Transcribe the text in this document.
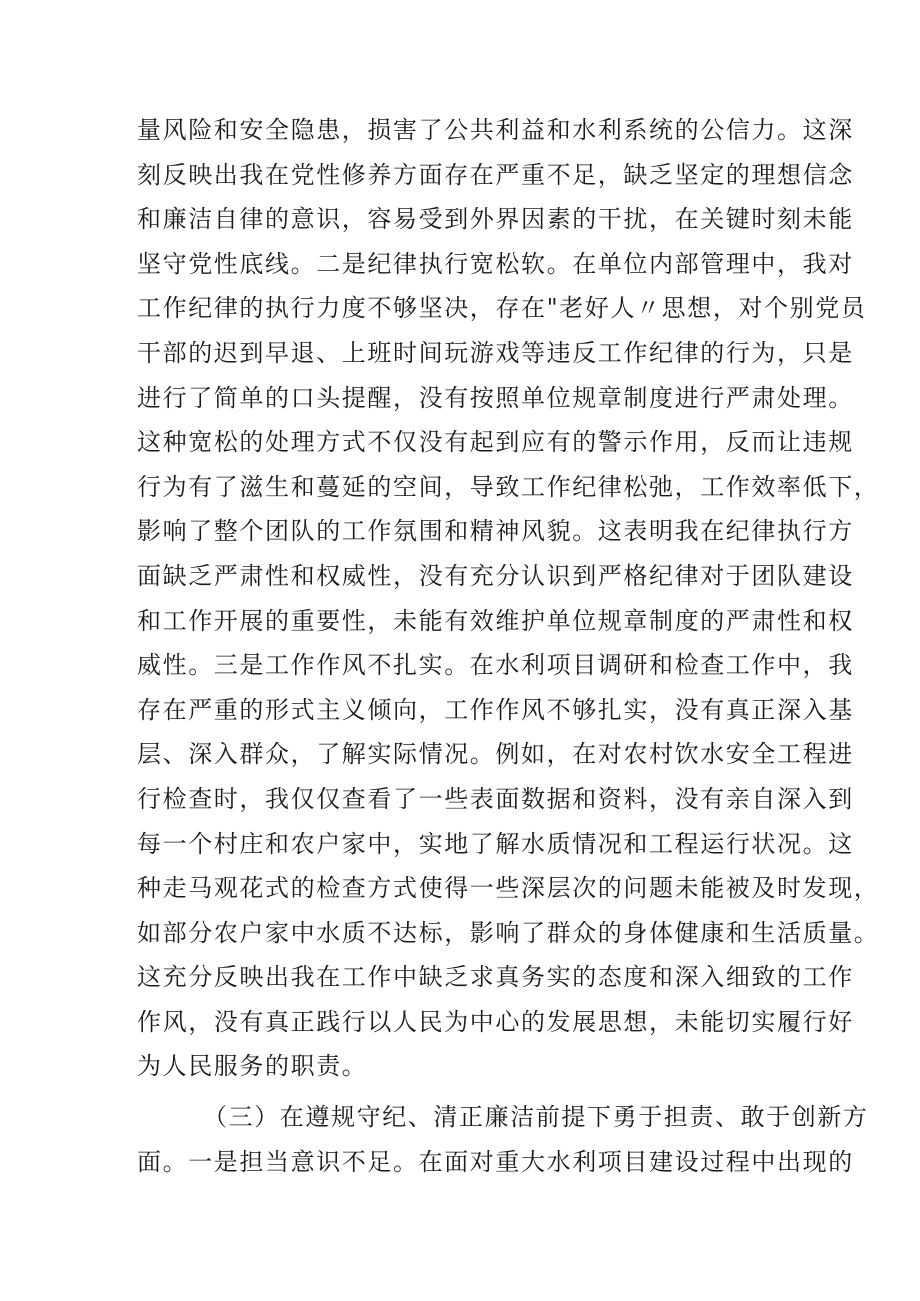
量风险和安全隐患，损害了公共利益和水利系统的公信力。这深
刻反映出我在党性修养方面存在严重不足，缺乏坚定的理想信念
和廉洁自律的意识，容易受到外界因素的干扰，在关键时刻未能
坚守党性底线。二是纪律执行宽松软。在单位内部管理中，我对
工作纪律的执行力度不够坚决，存在"老好人〃思想，对个别党员
干部的迟到早退、上班时间玩游戏等违反工作纪律的行为，只是
进行了简单的口头提醒，没有按照单位规章制度进行严肃处理。
这种宽松的处理方式不仅没有起到应有的警示作用，反而让违规
行为有了滋生和蔓延的空间，导致工作纪律松弛，工作效率低下，
影响了整个团队的工作氛围和精神风貌。这表明我在纪律执行方
面缺乏严肃性和权威性，没有充分认识到严格纪律对于团队建设
和工作开展的重要性，未能有效维护单位规章制度的严肃性和权
威性。三是工作作风不扎实。在水利项目调研和检查工作中，我
存在严重的形式主义倾向，工作作风不够扎实，没有真正深入基
层、深入群众，了解实际情况。例如，在对农村饮水安全工程进
行检查时，我仅仅查看了一些表面数据和资料，没有亲自深入到
每一个村庄和农户家中，实地了解水质情况和工程运行状况。这
种走马观花式的检查方式使得一些深层次的问题未能被及时发现，
如部分农户家中水质不达标，影响了群众的身体健康和生活质量。
这充分反映出我在工作中缺乏求真务实的态度和深入细致的工作
作风，没有真正践行以人民为中心的发展思想，未能切实履行好
为人民服务的职责。
（三）在遵规守纪、清正廉洁前提下勇于担责、敢于创新方
面。一是担当意识不足。在面对重大水利项目建设过程中出现的
